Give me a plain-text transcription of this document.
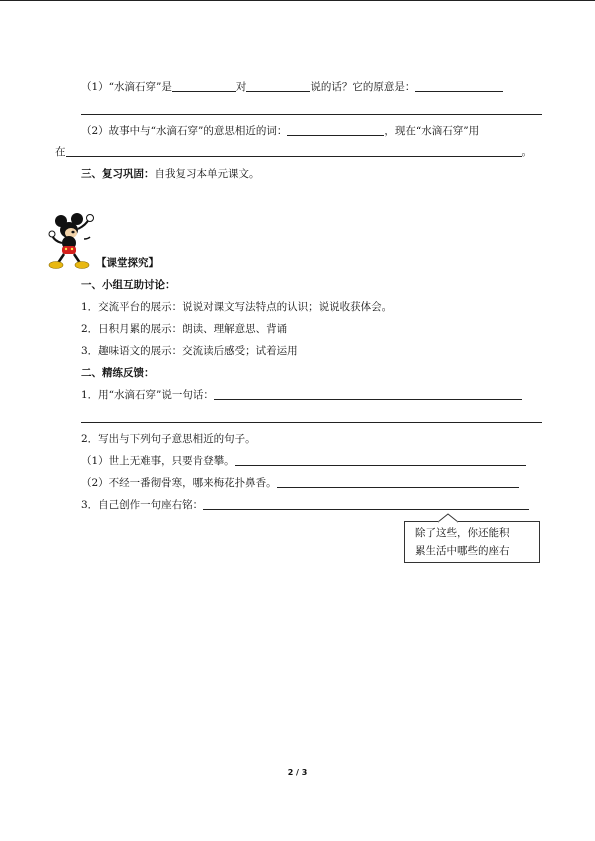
（1）“水滴石穿”是	对	说的话？它的原意是：
（2）故事中与“水滴石穿”的意思相近的词：	，现在“水滴石穿”用
在	。
三、复习巩固：自我复习本单元课文。
【课堂探究】
一、小组互助讨论：
1．交流平台的展示：说说对课文写法特点的认识；说说收获体会。
2．日积月累的展示：朗读、理解意思、背诵
3．趣味语文的展示：交流读后感受；试着运用
二、精练反馈：
1．用“水滴石穿”说一句话：
2．写出与下列句子意思相近的句子。
（1）世上无难事，只要肯登攀。
（2）不经一番彻骨寒，哪来梅花扑鼻香。
3．自己创作一句座右铭：
除了这些，你还能积
累生活中哪些的座右
2 / 3
